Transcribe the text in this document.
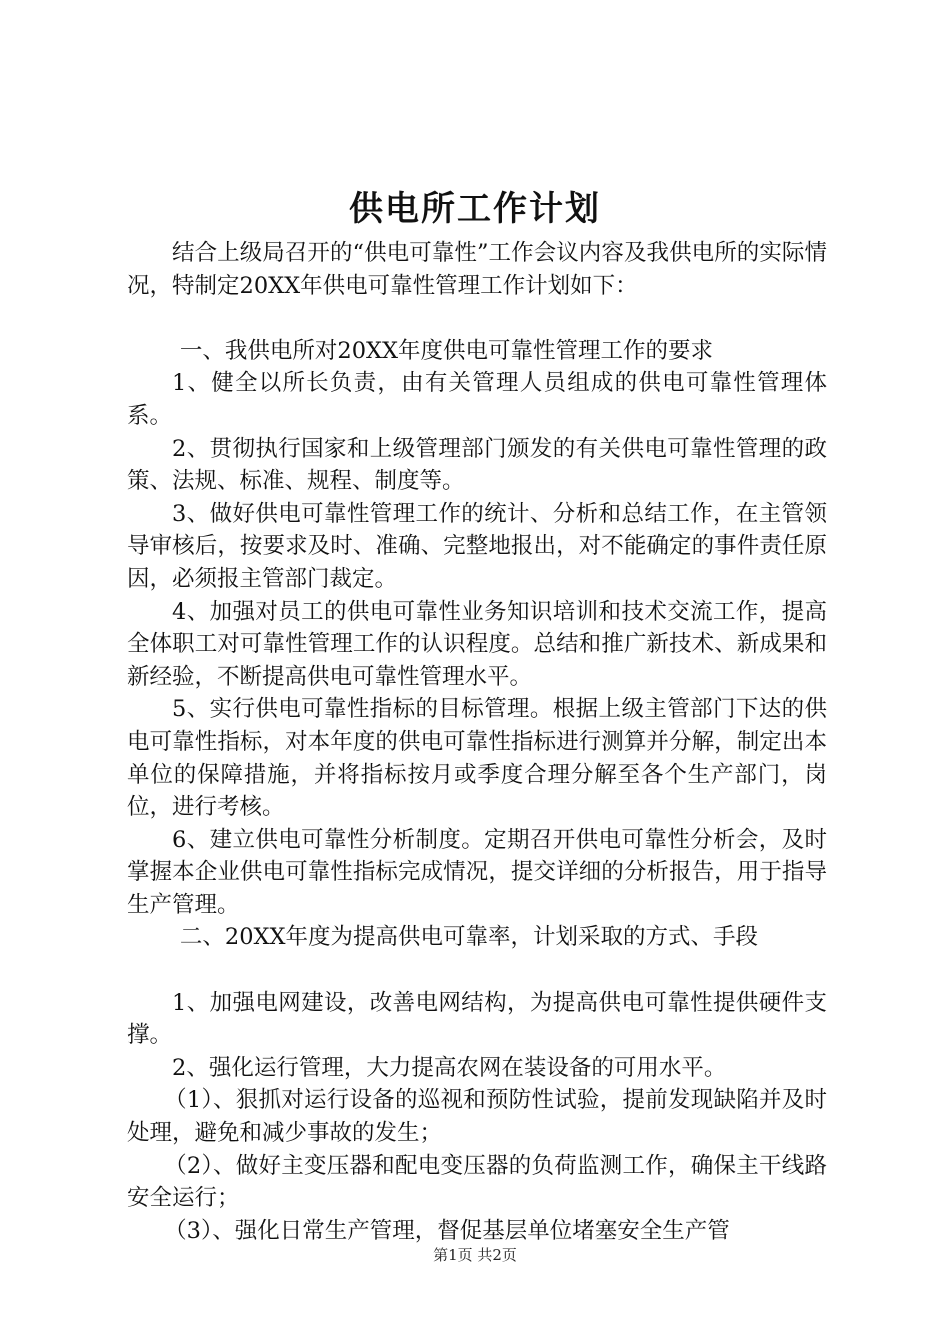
供电所工作计划

结合上级局召开的“供电可靠性”工作会议内容及我供电所的实际情况，特制定20XX年供电可靠性管理工作计划如下：

一、我供电所对20XX年度供电可靠性管理工作的要求

1、健全以所长负责，由有关管理人员组成的供电可靠性管理体系。

2、贯彻执行国家和上级管理部门颁发的有关供电可靠性管理的政策、法规、标准、规程、制度等。

3、做好供电可靠性管理工作的统计、分析和总结工作，在主管领导审核后，按要求及时、准确、完整地报出，对不能确定的事件责任原因，必须报主管部门裁定。

4、加强对员工的供电可靠性业务知识培训和技术交流工作，提高全体职工对可靠性管理工作的认识程度。总结和推广新技术、新成果和新经验，不断提高供电可靠性管理水平。

5、实行供电可靠性指标的目标管理。根据上级主管部门下达的供电可靠性指标，对本年度的供电可靠性指标进行测算并分解，制定出本单位的保障措施，并将指标按月或季度合理分解至各个生产部门，岗位，进行考核。

6、建立供电可靠性分析制度。定期召开供电可靠性分析会，及时掌握本企业供电可靠性指标完成情况，提交详细的分析报告，用于指导生产管理。

二、20XX年度为提高供电可靠率，计划采取的方式、手段

1、加强电网建设，改善电网结构，为提高供电可靠性提供硬件支撑。

2、强化运行管理，大力提高农网在装设备的可用水平。

（1）、狠抓对运行设备的巡视和预防性试验，提前发现缺陷并及时处理，避免和减少事故的发生；

（2）、做好主变压器和配电变压器的负荷监测工作，确保主干线路安全运行；

（3）、强化日常生产管理，督促基层单位堵塞安全生产管

第1页 共2页
